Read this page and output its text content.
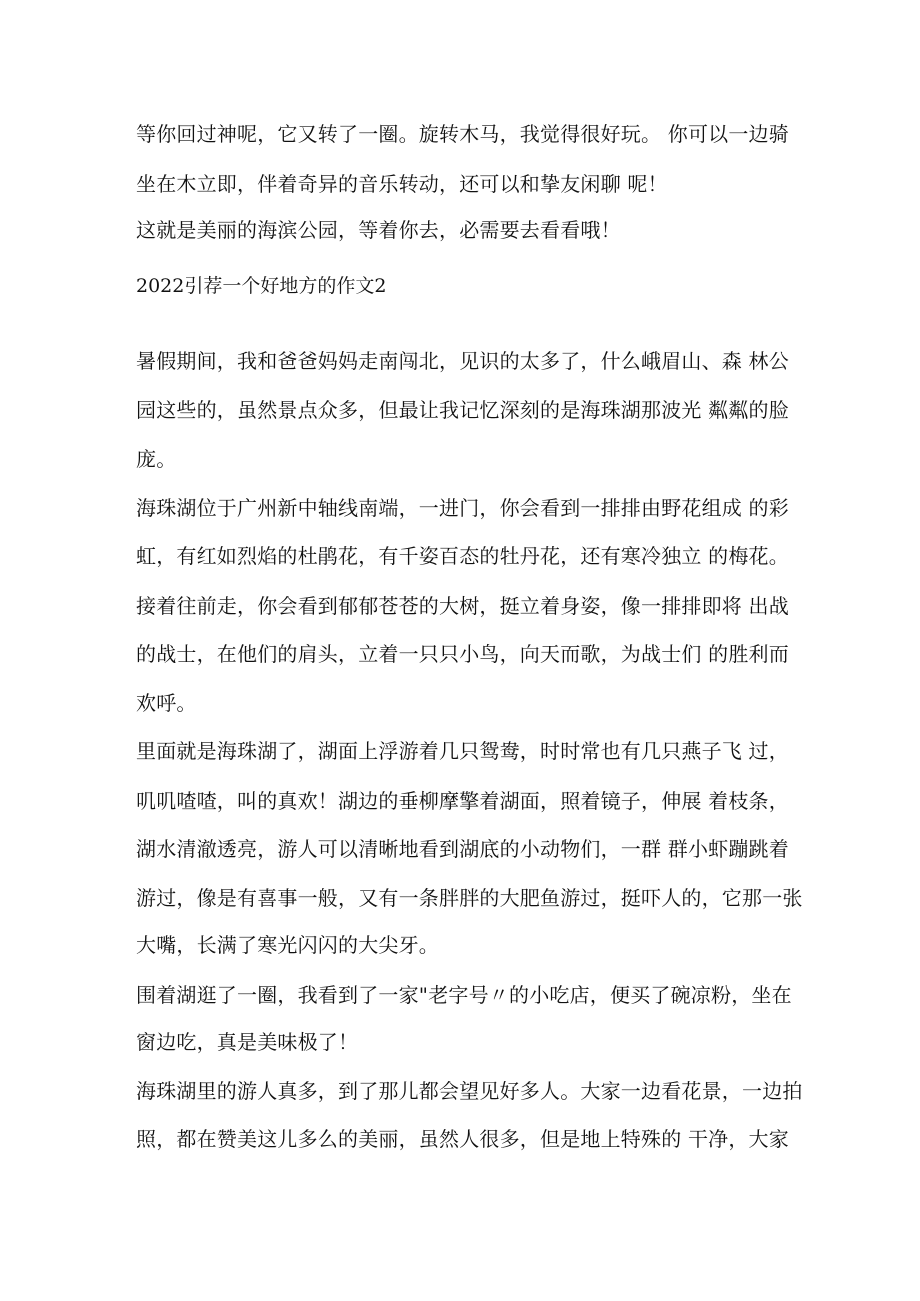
等你回过神呢，它又转了一圈。旋转木马，我觉得很好玩。 你可以一边骑
坐在木立即，伴着奇异的音乐转动，还可以和挚友闲聊 呢！
这就是美丽的海滨公园，等着你去，必需要去看看哦！
2022引荐一个好地方的作文2
暑假期间，我和爸爸妈妈走南闯北，见识的太多了，什么峨眉山、森 林公
园这些的，虽然景点众多，但最让我记忆深刻的是海珠湖那波光 粼粼的脸
庞。
海珠湖位于广州新中轴线南端，一进门，你会看到一排排由野花组成 的彩
虹，有红如烈焰的杜鹃花，有千姿百态的牡丹花，还有寒冷独立 的梅花。
接着往前走，你会看到郁郁苍苍的大树，挺立着身姿，像一排排即将 出战
的战士，在他们的肩头，立着一只只小鸟，向天而歌，为战士们 的胜利而
欢呼。
里面就是海珠湖了，湖面上浮游着几只鸳鸯，时时常也有几只燕子飞 过，
叽叽喳喳，叫的真欢！湖边的垂柳摩擎着湖面，照着镜子，伸展 着枝条，
湖水清澈透亮，游人可以清晰地看到湖底的小动物们，一群 群小虾蹦跳着
游过，像是有喜事一般，又有一条胖胖的大肥鱼游过，挺吓人的，它那一张
大嘴，长满了寒光闪闪的大尖牙。
围着湖逛了一圈，我看到了一家"老字号〃的小吃店，便买了碗凉粉，坐在
窗边吃，真是美味极了！
海珠湖里的游人真多，到了那儿都会望见好多人。大家一边看花景，一边拍
照，都在赞美这儿多么的美丽，虽然人很多，但是地上特殊的 干净，大家
